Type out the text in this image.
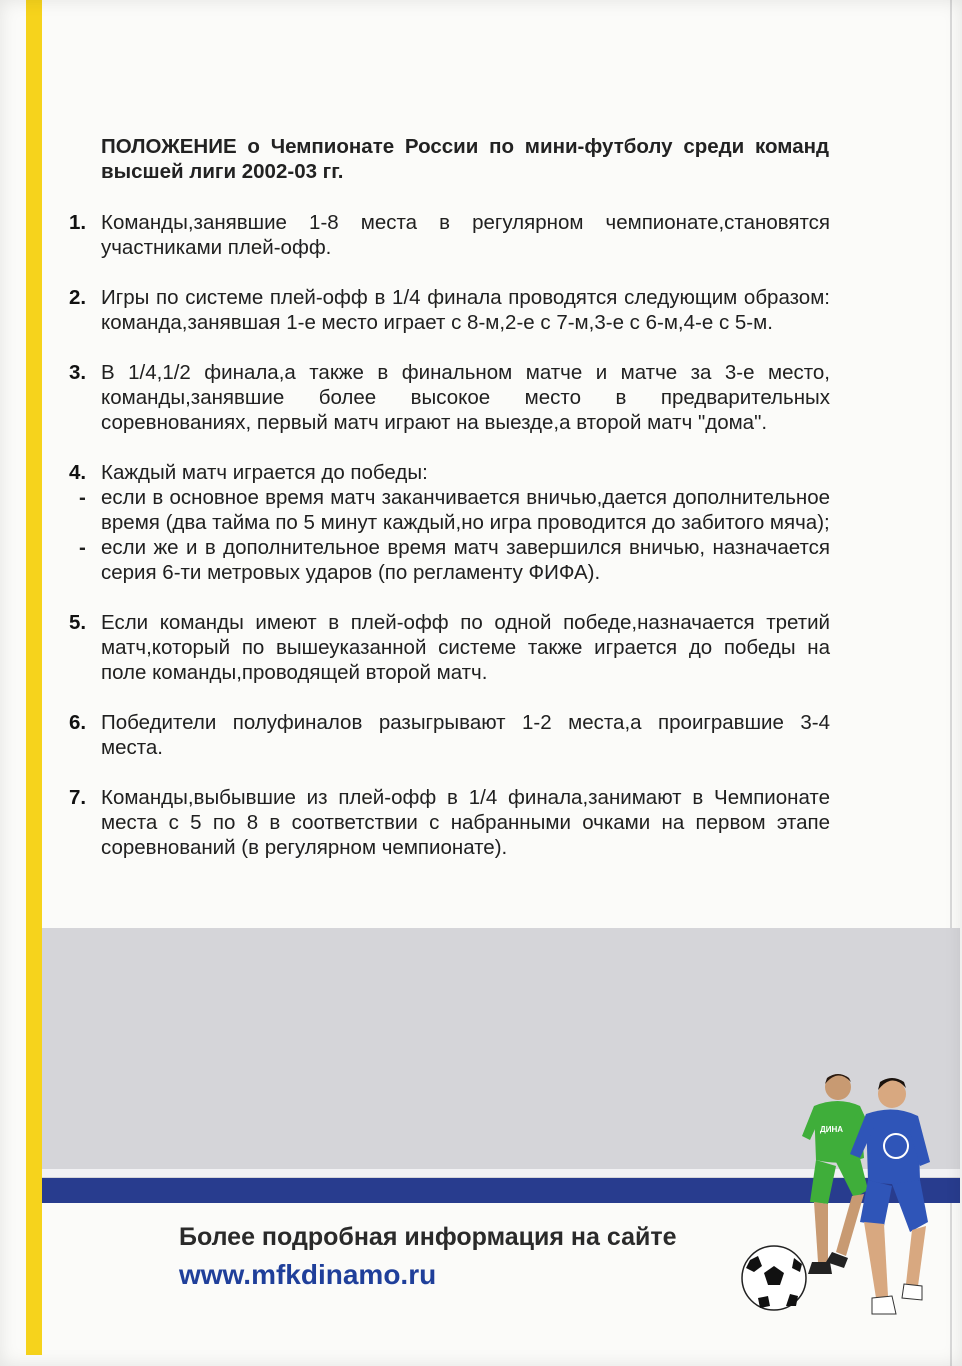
ПОЛОЖЕНИЕ о Чемпионате России по мини-футболу среди команд высшей лиги 2002-03 гг.
1. Команды,занявшие 1-8 места в регулярном чемпионате,становятся участниками плей-офф.
2. Игры по системе плей-офф в 1/4 финала проводятся следующим образом: команда,занявшая 1-е место играет с 8-м,2-е с 7-м,3-е с 6-м,4-е с 5-м.
3. В 1/4,1/2 финала,а также в финальном матче и матче за 3-е место, команды,занявшие более высокое место в предварительных соревнованиях, первый матч играют на выезде,а второй матч "дома".
4. Каждый матч играется до победы:
- если в основное время матч заканчивается вничью,дается дополнительное время (два тайма по 5 минут каждый,но игра проводится до забитого мяча);
- если же и в дополнительное время матч завершился вничью, назначается серия 6-ти метровых ударов (по регламенту ФИФА).
5. Если команды имеют в плей-офф по одной победе,назначается третий матч,который по вышеуказанной системе также играется до победы на поле команды,проводящей второй матч.
6. Победители полуфиналов разыгрывают 1-2 места,а проигравшие 3-4 места.
7. Команды,выбывшие из плей-офф в 1/4 финала,занимают в Чемпионате места с 5 по 8 в соответствии с набранными очками на первом этапе соревнований (в регулярном чемпионате).
Более подробная информация на сайте
www.mfkdinamo.ru
ДИНА
